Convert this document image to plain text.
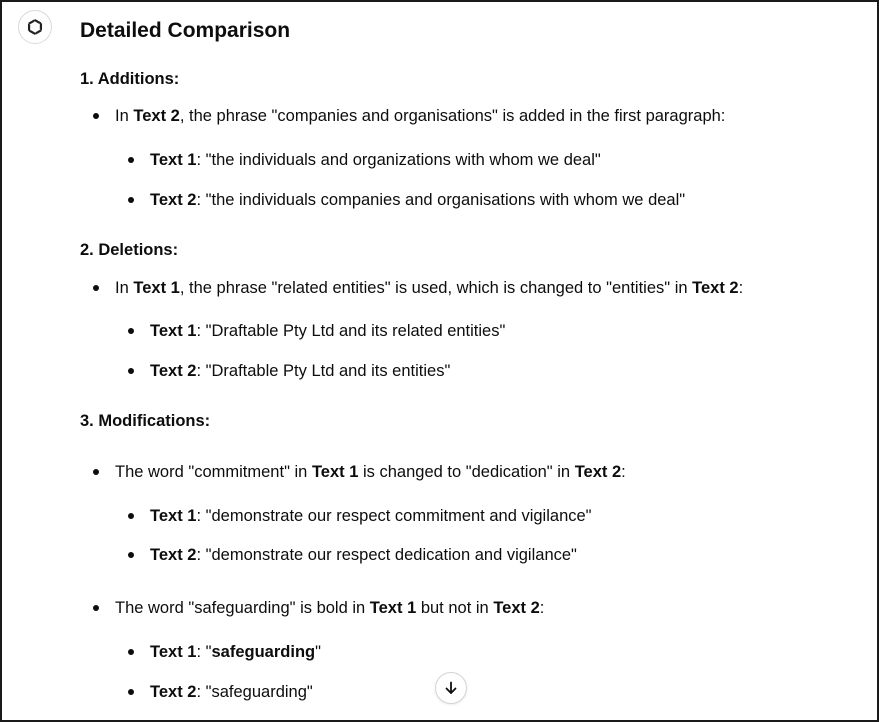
Detailed Comparison
1. Additions:
In Text 2, the phrase "companies and organisations" is added in the first paragraph:
Text 1: "the individuals and organizations with whom we deal"
Text 2: "the individuals companies and organisations with whom we deal"
2. Deletions:
In Text 1, the phrase "related entities" is used, which is changed to "entities" in Text 2:
Text 1: "Draftable Pty Ltd and its related entities"
Text 2: "Draftable Pty Ltd and its entities"
3. Modifications:
The word "commitment" in Text 1 is changed to "dedication" in Text 2:
Text 1: "demonstrate our respect commitment and vigilance"
Text 2: "demonstrate our respect dedication and vigilance"
The word "safeguarding" is bold in Text 1 but not in Text 2:
Text 1: "safeguarding"
Text 2: "safeguarding"
